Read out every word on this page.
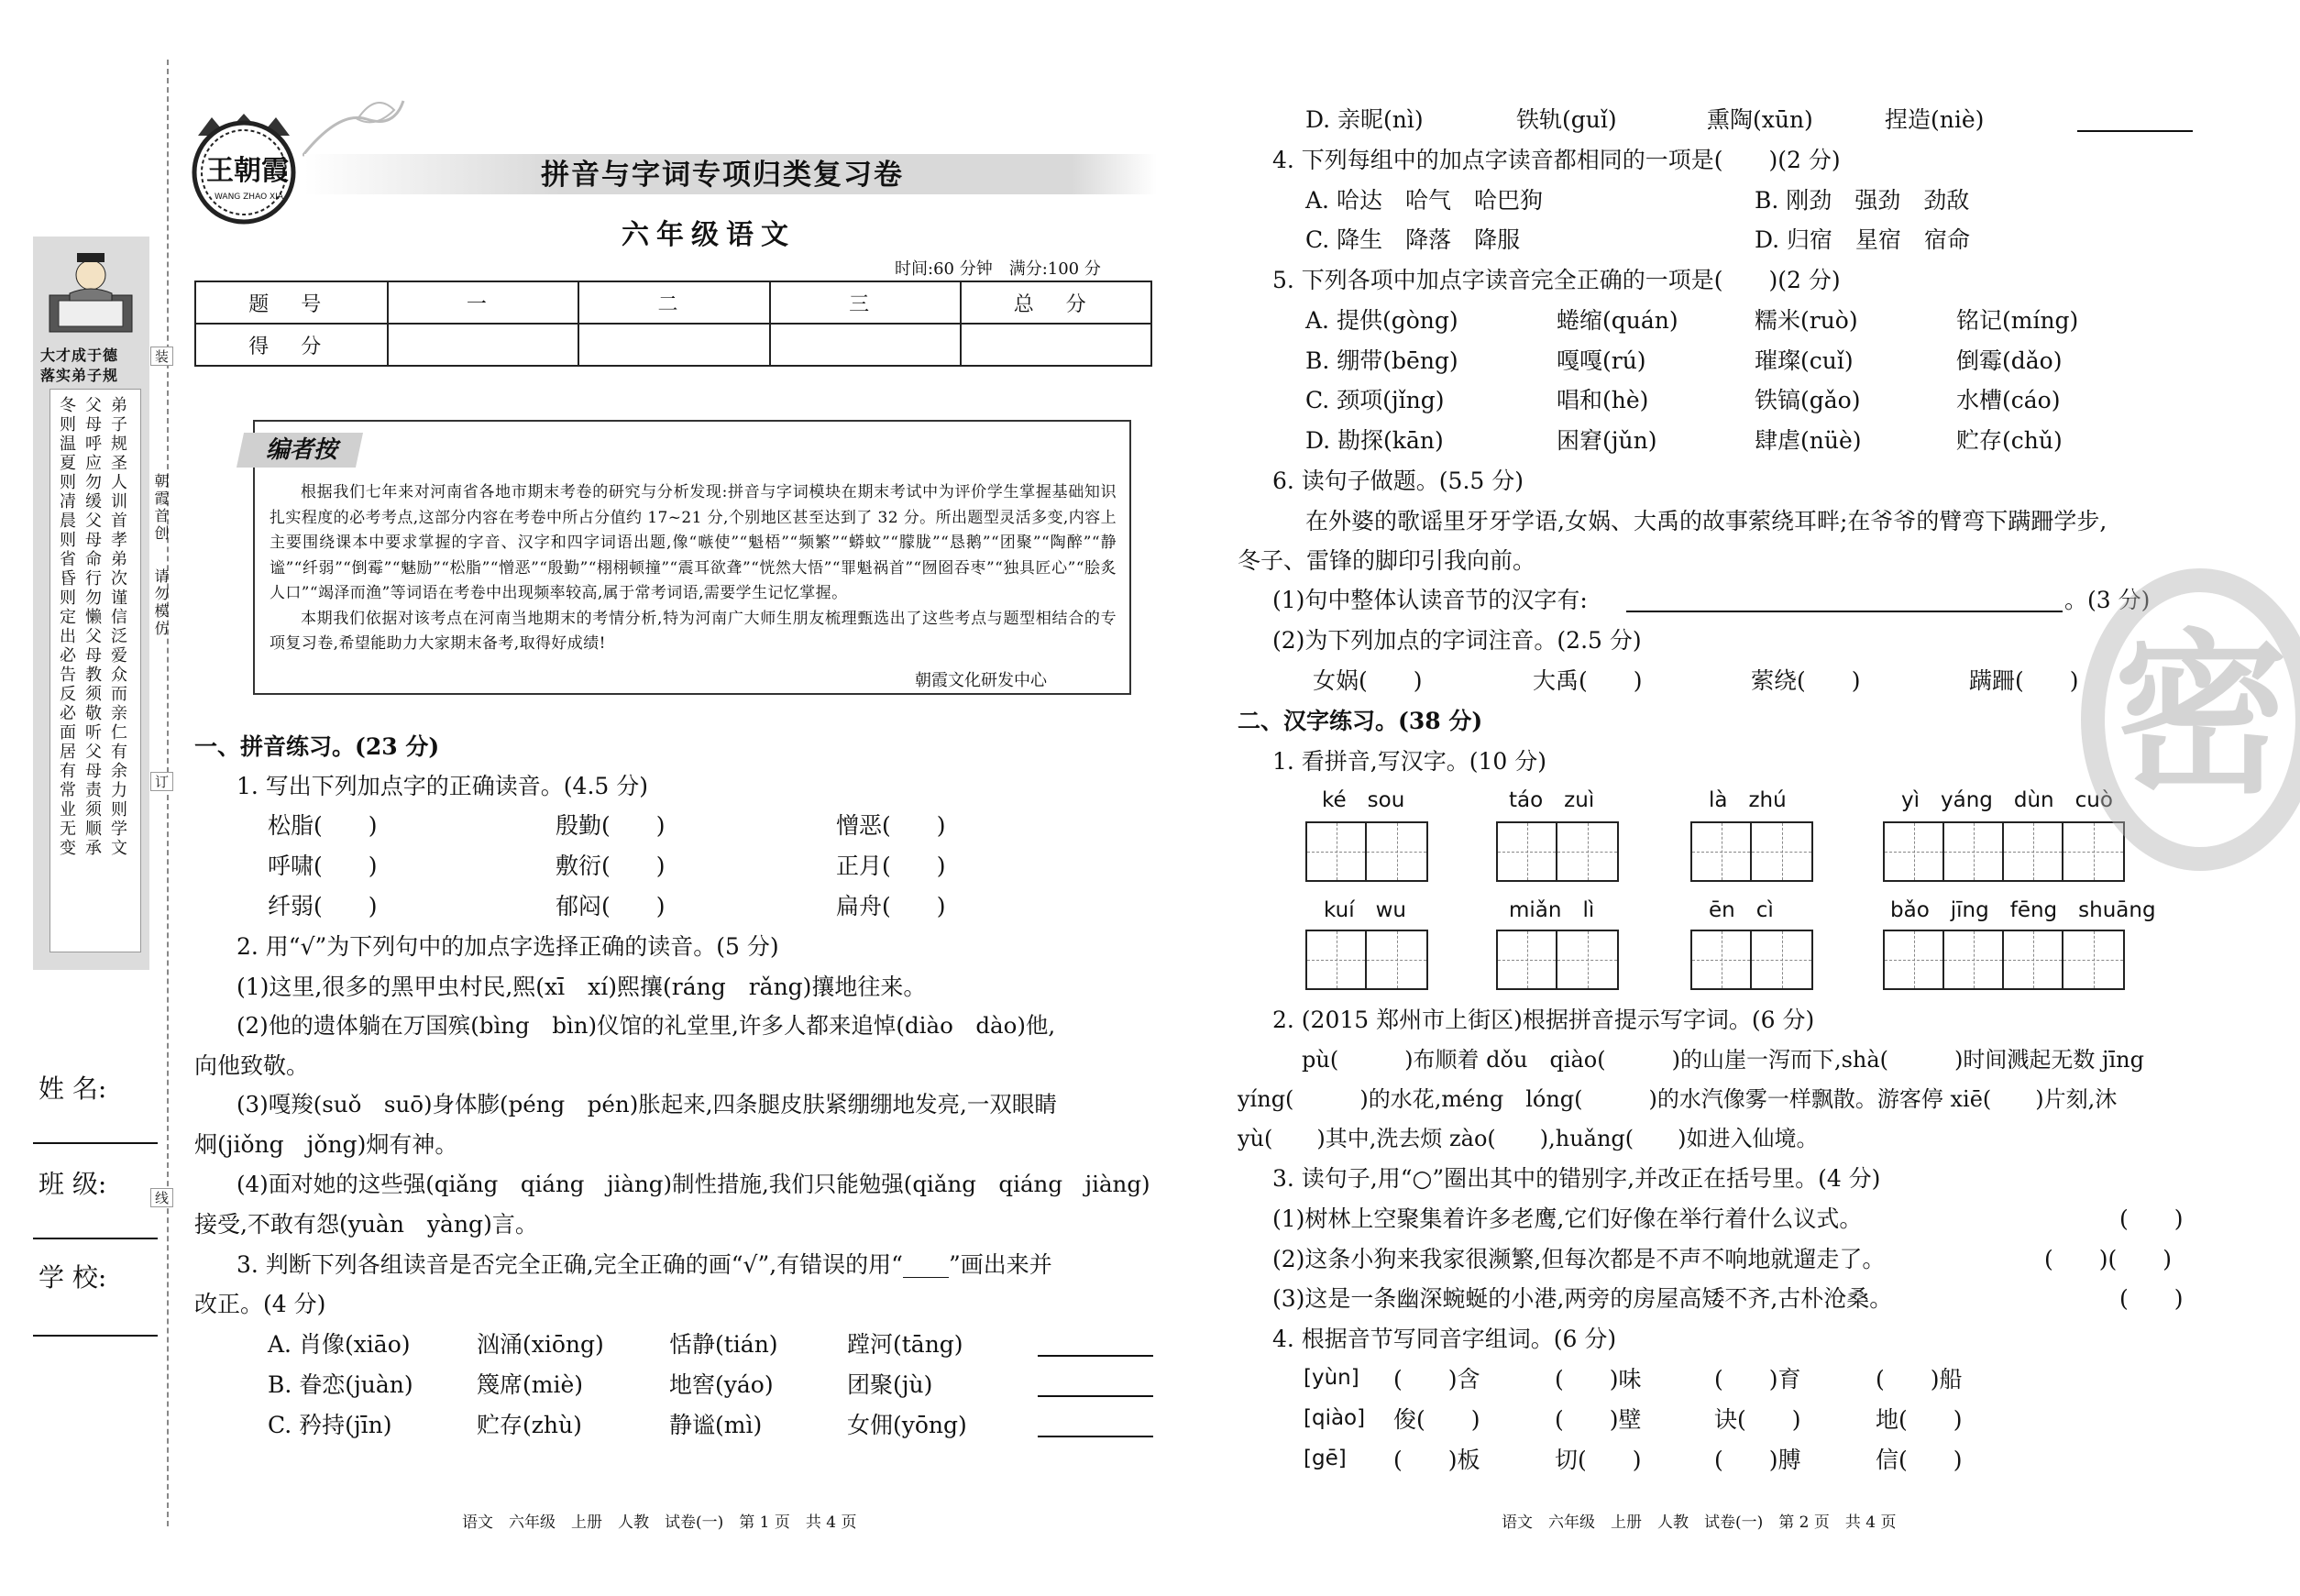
大才成于德
落实弟子规
弟子规圣人训首孝弟次谨信泛爱众而亲仁有余力则学文
父母呼应勿缓父母命行勿懒父母教须敬听父母责须顺承
冬则温夏则凊晨则省昏则定出必告反必面居有常业无变
姓 名:
班 级:
学 校:
装
订
线
朝霞首创
请勿模仿
王朝霞
WANG ZHAO XIA
拼音与字词专项归类复习卷
六年级语文
时间:60 分钟　满分:100 分
题 号	一	二	三	总 分
得 分				
编者按

根据我们七年来对河南省各地市期末考卷的研究与分析发现:拼音与字词模块在期末考试中为评价学生掌握基础知识扎实程度的必考考点,这部分内容在考卷中所占分值约 17~21 分,个别地区甚至达到了 32 分。所出题型灵活多变,内容上主要围绕课本中要求掌握的字音、汉字和四字词语出题,像“嗾使”“魁梧”“频繁”“蟒蚊”“朦胧”“恳鹅”“团聚”“陶醉”“静谧”“纤弱”“倒霉”“魅励”“松脂”“憎恶”“殷勤”“栩栩顿撞”“震耳欲聋”“恍然大悟”“罪魁祸首”“囫囵吞枣”“独具匠心”“脍炙人口”“竭泽而渔”等词语在考卷中出现频率较高,属于常考词语,需要学生记忆掌握。

本期我们依据对该考点在河南当地期末的考情分析,特为河南广大师生朋友梳理甄选出了这些考点与题型相结合的专项复习卷,希望能助力大家期末备考,取得好成绩!

朝霞文化研发中心
一、拼音练习。(23 分)
1. 写出下列加点字的正确读音。(4.5 分)
松脂(　　)	殷勤(　　)	憎恶(　　)
呼啸(　　)	敷衍(　　)	正月(　　)
纤弱(　　)	郁闷(　　)	扁舟(　　)
2. 用“√”为下列句中的加点字选择正确的读音。(5 分)
(1)这里,很多的黑甲虫村民,熙(xī　xí)熙攘(ráng　rǎng)攘地往来。
(2)他的遗体躺在万国殡(bìng　bìn)仪馆的礼堂里,许多人都来追悼(diào　dào)他,
向他致敬。
(3)嘎羧(suǒ　suō)身体膨(péng　pén)胀起来,四条腿皮肤紧绷绷地发亮,一双眼睛
炯(jiǒng　jǒng)炯有神。
(4)面对她的这些强(qiǎng　qiáng　jiàng)制性措施,我们只能勉强(qiǎng　qiáng　jiàng)
接受,不敢有怨(yuàn　yàng)言。
3. 判断下列各组读音是否完全正确,完全正确的画“√”,有错误的用“____”画出来并
改正。(4 分)
A. 肖像(xiāo)	汹涌(xiōng)	恬静(tián)	蹚河(tāng)
B. 眷恋(juàn)	篾席(miè)	地窖(yáo)	团聚(jù)
C. 矜持(jīn)	贮存(zhù)	静谧(mì)	女佣(yōng)
语文　六年级　上册　人教　试卷(一)　第 1 页　共 4 页
D. 亲昵(nì)	铁轨(guǐ)	熏陶(xūn)	捏造(niè)
4. 下列每组中的加点字读音都相同的一项是(　　)(2 分)
A. 哈达　哈气　哈巴狗	B. 刚劲　强劲　劲敌
C. 降生　降落　降服	D. 归宿　星宿　宿命
5. 下列各项中加点字读音完全正确的一项是(　　)(2 分)
A. 提供(gòng)	蜷缩(quán)	糯米(ruò)	铭记(míng)
B. 绷带(bēng)	嘎嘎(rú)	璀璨(cuǐ)	倒霉(dǎo)
C. 颈项(jǐng)	唱和(hè)	铁镐(gǎo)	水槽(cáo)
D. 勘探(kān)	困窘(jǔn)	肆虐(nüè)	贮存(chǔ)
6. 读句子做题。(5.5 分)
在外婆的歌谣里牙牙学语,女娲、大禹的故事萦绕耳畔;在爷爷的臂弯下蹒跚学步,
冬子、雷锋的脚印引我向前。
(1)句中整体认读音节的汉字有:	。(3 分)
(2)为下列加点的字词注音。(2.5 分)
女娲(　　)	大禹(　　)	萦绕(　　)	蹒跚(　　)
二、汉字练习。(38 分)
1. 看拼音,写汉字。(10 分)
ké　sou	táo　zuì	là　zhú	yì　yáng　dùn　cuò
kuí　wu	miǎn　lì	ēn　cì	bǎo　jīng　fēng　shuāng
2. (2015 郑州市上街区)根据拼音提示写字词。(6 分)
pù(　　　)布顺着 dǒu　qiào(　　　)的山崖一泻而下,shà(　　　)时间溅起无数 jīng
yíng(　　　)的水花,méng　lóng(　　　)的水汽像雾一样飘散。游客停 xiē(　　)片刻,沐
yù(　　)其中,洗去烦 zào(　　),huǎng(　　)如进入仙境。
3. 读句子,用“○”圈出其中的错别字,并改正在括号里。(4 分)
(1)树林上空聚集着许多老鹰,它们好像在举行着什么议式。	(　　)
(2)这条小狗来我家很濒繁,但每次都是不声不响地就遛走了。	(　　)(　　)
(3)这是一条幽深蜿蜒的小港,两旁的房屋高矮不齐,古朴沧桑。	(　　)
4. 根据音节写同音字组词。(6 分)
[yùn] (　　)含	(　　)味	(　　)育	(　　)船
[qiào] 俊(　　)	(　　)壁	诀(　　)	地(　　)
[gē] (　　)板	切(　　)	(　　)膊	信(　　)
语文　六年级　上册　人教　试卷(一)　第 2 页　共 4 页
密
